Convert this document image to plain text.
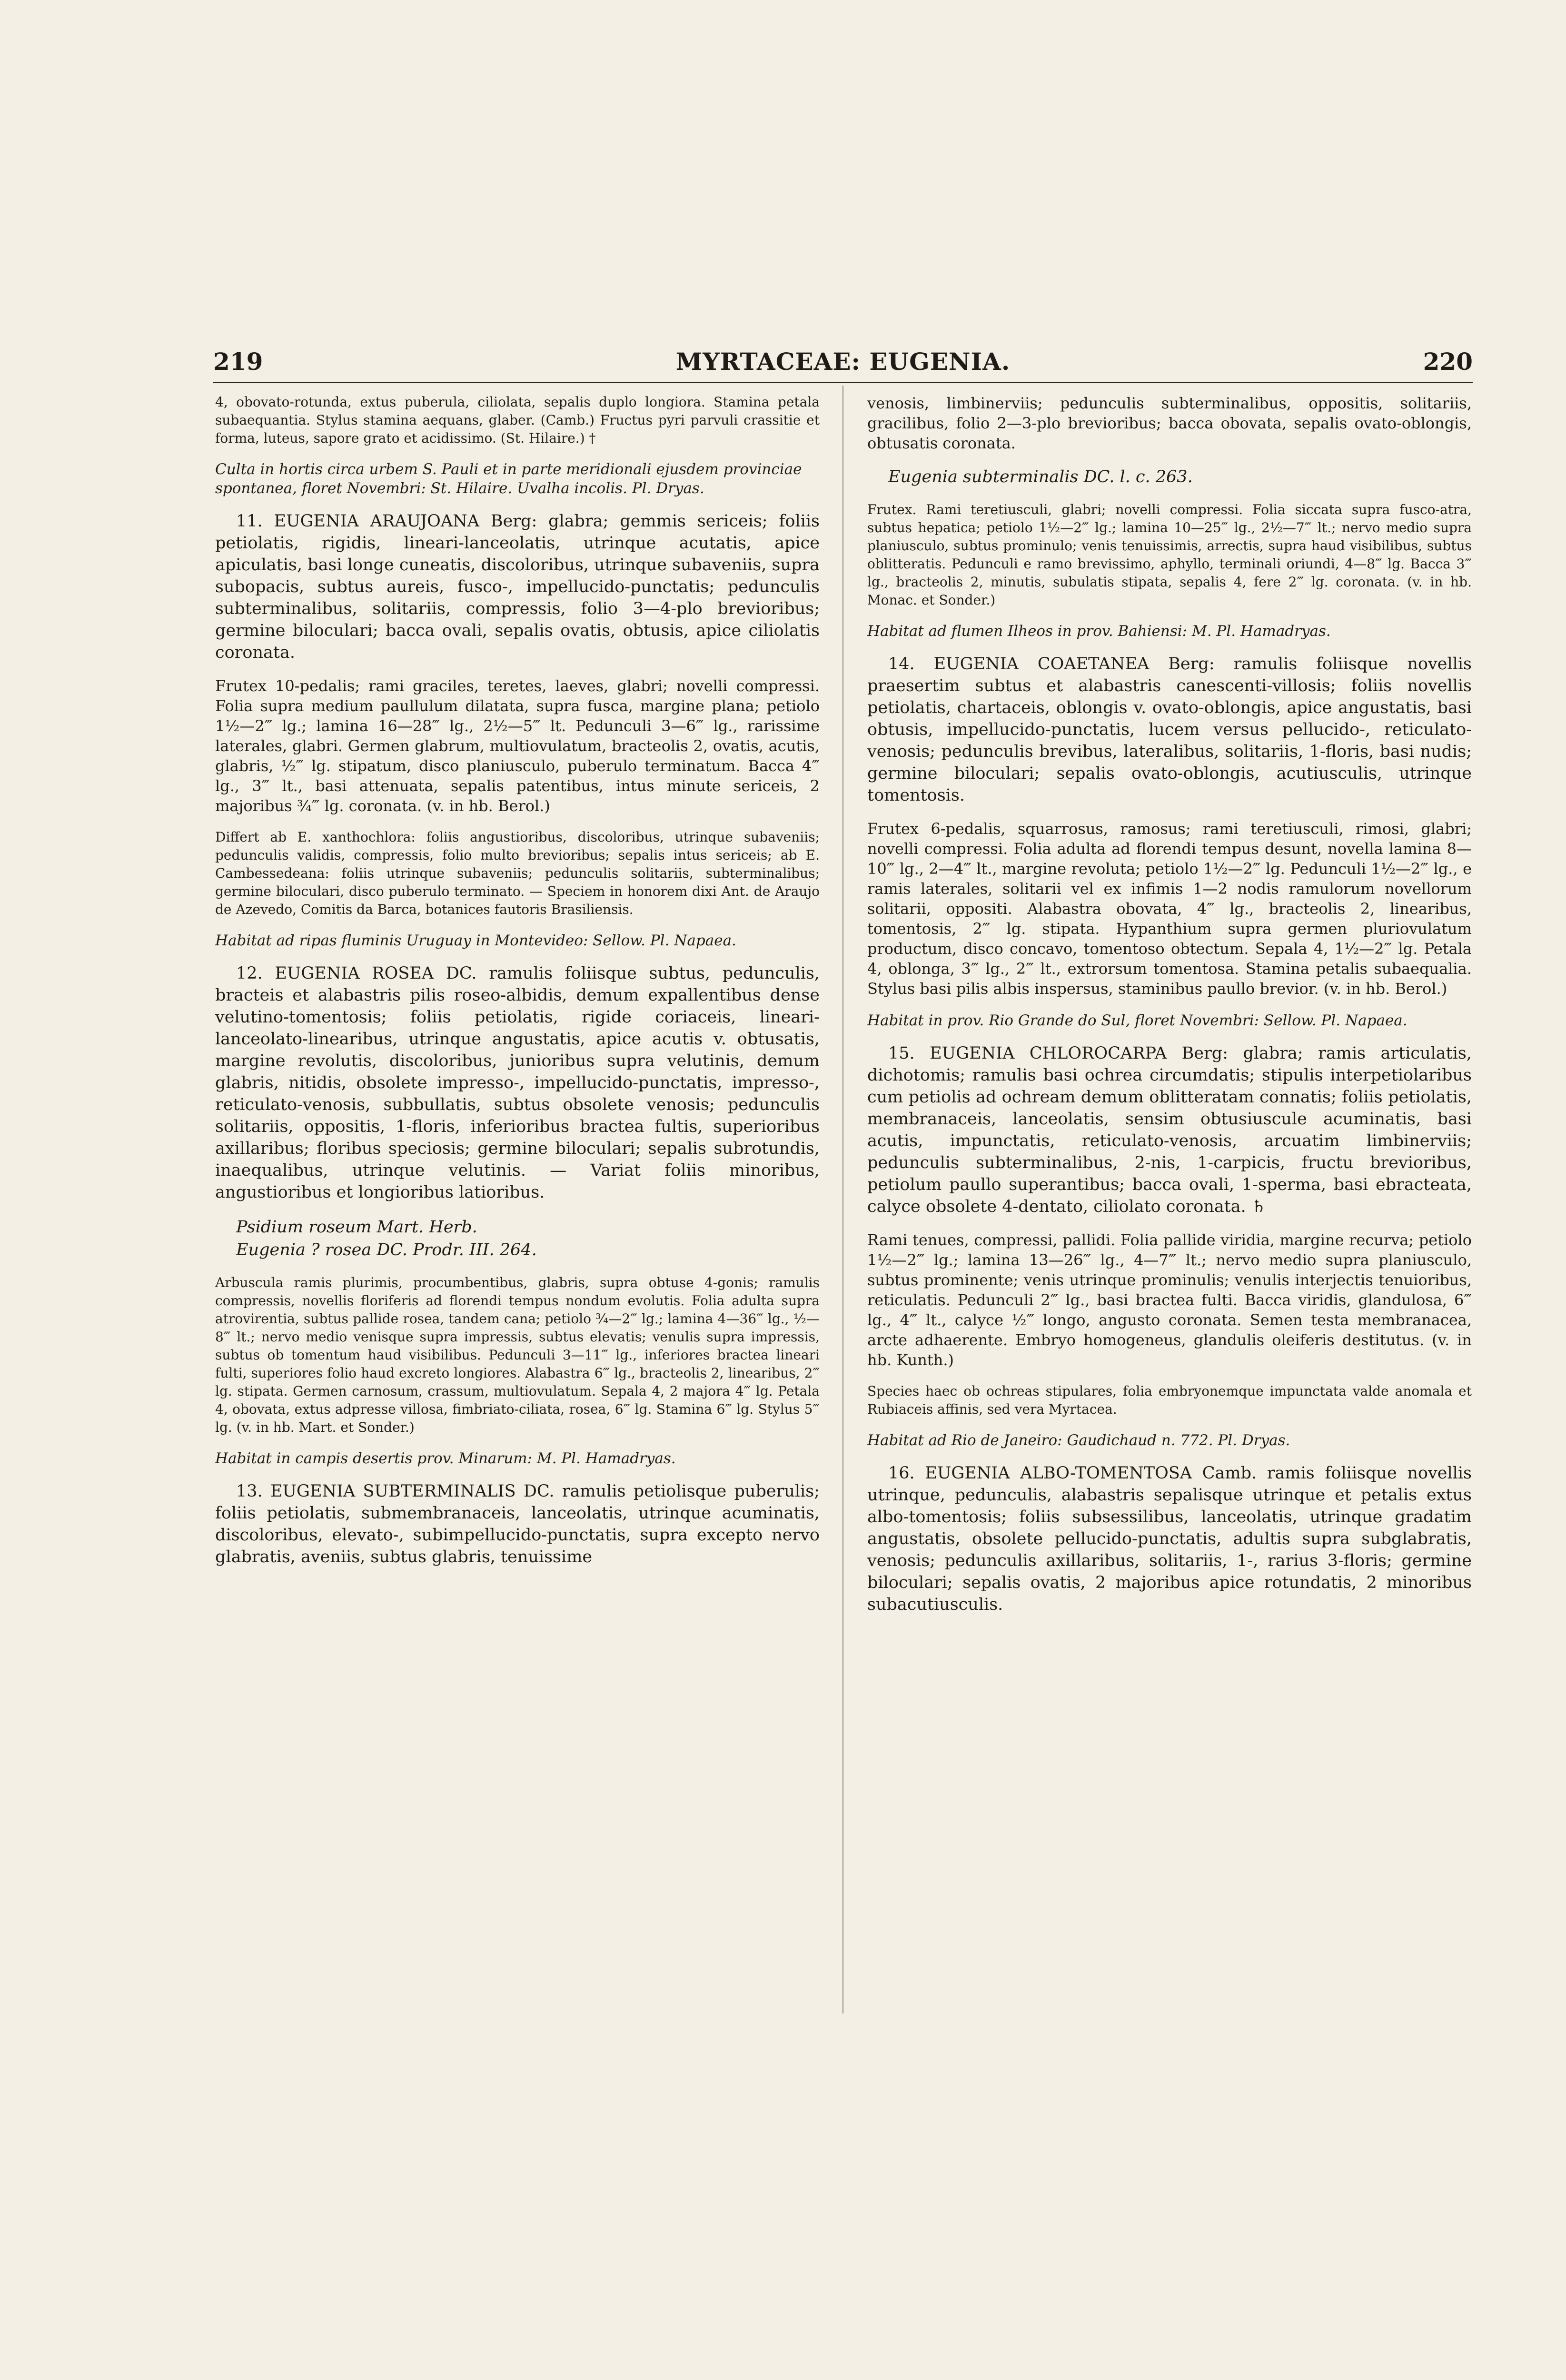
219	MYRTACEAE: EUGENIA.	220

4, obovato-rotunda, extus puberula, ciliolata, sepalis duplo longiora. Stamina petala subaequantia. Stylus stamina aequans, glaber. (Camb.) Fructus pyri parvuli crassitie et forma, luteus, sapore grato et acidissimo. (St. Hilaire.) †

Culta in hortis circa urbem S. Pauli et in parte meridionali ejusdem provinciae spontanea, floret Novembri: St. Hilaire. Uvalha incolis. Pl. Dryas.

11. EUGENIA ARAUJOANA Berg: glabra; gemmis sericeis; foliis petiolatis, rigidis, lineari-lanceolatis, utrinque acutatis, apice apiculatis, basi longe cuneatis, discoloribus, utrinque subaveniis, supra subopacis, subtus aureis, fusco-, impellucido-punctatis; pedunculis subterminalibus, solitariis, compressis, folio 3—4-plo brevioribus; germine biloculari; bacca ovali, sepalis ovatis, obtusis, apice ciliolatis coronata.

Frutex 10-pedalis; rami graciles, teretes, laeves, glabri; novelli compressi. Folia supra medium paullulum dilatata, supra fusca, margine plana; petiolo 1½—2‴ lg.; lamina 16—28‴ lg., 2½—5‴ lt. Pedunculi 3—6‴ lg., rarissime laterales, glabri. Germen glabrum, multiovulatum, bracteolis 2, ovatis, acutis, glabris, ½‴ lg. stipatum, disco planiusculo, puberulo terminatum. Bacca 4‴ lg., 3‴ lt., basi attenuata, sepalis patentibus, intus minute sericeis, 2 majoribus ¾‴ lg. coronata. (v. in hb. Berol.)

Differt ab E. xanthochlora: foliis angustioribus, discoloribus, utrinque subaveniis; pedunculis validis, compressis, folio multo brevioribus; sepalis intus sericeis; ab E. Cambessedeana: foliis utrinque subaveniis; pedunculis solitariis, subterminalibus; germine biloculari, disco puberulo terminato. — Speciem in honorem dixi Ant. de Araujo de Azevedo, Comitis da Barca, botanices fautoris Brasiliensis.

Habitat ad ripas fluminis Uruguay in Montevideo: Sellow. Pl. Napaea.

12. EUGENIA ROSEA DC. ramulis foliisque subtus, pedunculis, bracteis et alabastris pilis roseo-albidis, demum expallentibus dense velutino-tomentosis; foliis petiolatis, rigide coriaceis, lineari-lanceolato-linearibus, utrinque angustatis, apice acutis v. obtusatis, margine revolutis, discoloribus, junioribus supra velutinis, demum glabris, nitidis, obsolete impresso-, impellucido-punctatis, impresso-, reticulato-venosis, subbullatis, subtus obsolete venosis; pedunculis solitariis, oppositis, 1-floris, inferioribus bractea fultis, superioribus axillaribus; floribus speciosis; germine biloculari; sepalis subrotundis, inaequalibus, utrinque velutinis. — Variat foliis minoribus, angustioribus et longioribus latioribus.

Psidium roseum Mart. Herb.

Eugenia ? rosea DC. Prodr. III. 264.

Arbuscula ramis plurimis, procumbentibus, glabris, supra obtuse 4-gonis; ramulis compressis, novellis floriferis ad florendi tempus nondum evolutis. Folia adulta supra atrovirentia, subtus pallide rosea, tandem cana; petiolo ¾—2‴ lg.; lamina 4—36‴ lg., ½—8‴ lt.; nervo medio venisque supra impressis, subtus elevatis; venulis supra impressis, subtus ob tomentum haud visibilibus. Pedunculi 3—11‴ lg., inferiores bractea lineari fulti, superiores folio haud excreto longiores. Alabastra 6‴ lg., bracteolis 2, linearibus, 2‴ lg. stipata. Germen carnosum, crassum, multiovulatum. Sepala 4, 2 majora 4‴ lg. Petala 4, obovata, extus adpresse villosa, fimbriato-ciliata, rosea, 6‴ lg. Stamina 6‴ lg. Stylus 5‴ lg. (v. in hb. Mart. et Sonder.)

Habitat in campis desertis prov. Minarum: M. Pl. Hamadryas.

13. EUGENIA SUBTERMINALIS DC. ramulis petiolisque puberulis; foliis petiolatis, submembranaceis, lanceolatis, utrinque acuminatis, discoloribus, elevato-, subimpellucido-punctatis, supra excepto nervo glabratis, aveniis, subtus glabris, tenuissime

venosis, limbinerviis; pedunculis subterminalibus, oppositis, solitariis, gracilibus, folio 2—3-plo brevioribus; bacca obovata, sepalis ovato-oblongis, obtusatis coronata.

Eugenia subterminalis DC. l. c. 263.

Frutex. Rami teretiusculi, glabri; novelli compressi. Folia siccata supra fusco-atra, subtus hepatica; petiolo 1½—2‴ lg.; lamina 10—25‴ lg., 2½—7‴ lt.; nervo medio supra planiusculo, subtus prominulo; venis tenuissimis, arrectis, supra haud visibilibus, subtus oblitteratis. Pedunculi e ramo brevissimo, aphyllo, terminali oriundi, 4—8‴ lg. Bacca 3‴ lg., bracteolis 2, minutis, subulatis stipata, sepalis 4, fere 2‴ lg. coronata. (v. in hb. Monac. et Sonder.)

Habitat ad flumen Ilheos in prov. Bahiensi: M. Pl. Hamadryas.

14. EUGENIA COAETANEA Berg: ramulis foliisque novellis praesertim subtus et alabastris canescenti-villosis; foliis novellis petiolatis, chartaceis, oblongis v. ovato-oblongis, apice angustatis, basi obtusis, impellucido-punctatis, lucem versus pellucido-, reticulato-venosis; pedunculis brevibus, lateralibus, solitariis, 1-floris, basi nudis; germine biloculari; sepalis ovato-oblongis, acutiusculis, utrinque tomentosis.

Frutex 6-pedalis, squarrosus, ramosus; rami teretiusculi, rimosi, glabri; novelli compressi. Folia adulta ad florendi tempus desunt, novella lamina 8—10‴ lg., 2—4‴ lt., margine revoluta; petiolo 1½—2‴ lg. Pedunculi 1½—2‴ lg., e ramis laterales, solitarii vel ex infimis 1—2 nodis ramulorum novellorum solitarii, oppositi. Alabastra obovata, 4‴ lg., bracteolis 2, linearibus, tomentosis, 2‴ lg. stipata. Hypanthium supra germen pluriovulatum productum, disco concavo, tomentoso obtectum. Sepala 4, 1½—2‴ lg. Petala 4, oblonga, 3‴ lg., 2‴ lt., extrorsum tomentosa. Stamina petalis subaequalia. Stylus basi pilis albis inspersus, staminibus paullo brevior. (v. in hb. Berol.)

Habitat in prov. Rio Grande do Sul, floret Novembri: Sellow. Pl. Napaea.

15. EUGENIA CHLOROCARPA Berg: glabra; ramis articulatis, dichotomis; ramulis basi ochrea circumdatis; stipulis interpetiolaribus cum petiolis ad ochream demum oblitteratam connatis; foliis petiolatis, membranaceis, lanceolatis, sensim obtusiuscule acuminatis, basi acutis, impunctatis, reticulato-venosis, arcuatim limbinerviis; pedunculis subterminalibus, 2-nis, 1-carpicis, fructu brevioribus, petiolum paullo superantibus; bacca ovali, 1-sperma, basi ebracteata, calyce obsolete 4-dentato, ciliolato coronata. ♄

Rami tenues, compressi, pallidi. Folia pallide viridia, margine recurva; petiolo 1½—2‴ lg.; lamina 13—26‴ lg., 4—7‴ lt.; nervo medio supra planiusculo, subtus prominente; venis utrinque prominulis; venulis interjectis tenuioribus, reticulatis. Pedunculi 2‴ lg., basi bractea fulti. Bacca viridis, glandulosa, 6‴ lg., 4‴ lt., calyce ½‴ longo, angusto coronata. Semen testa membranacea, arcte adhaerente. Embryo homogeneus, glandulis oleiferis destitutus. (v. in hb. Kunth.)

Species haec ob ochreas stipulares, folia embryonemque impunctata valde anomala et Rubiaceis affinis, sed vera Myrtacea.

Habitat ad Rio de Janeiro: Gaudichaud n. 772. Pl. Dryas.

16. EUGENIA ALBO-TOMENTOSA Camb. ramis foliisque novellis utrinque, pedunculis, alabastris sepalisque utrinque et petalis extus albo-tomentosis; foliis subsessilibus, lanceolatis, utrinque gradatim angustatis, obsolete pellucido-punctatis, adultis supra subglabratis, venosis; pedunculis axillaribus, solitariis, 1-, rarius 3-floris; germine biloculari; sepalis ovatis, 2 majoribus apice rotundatis, 2 minoribus subacutiusculis.
